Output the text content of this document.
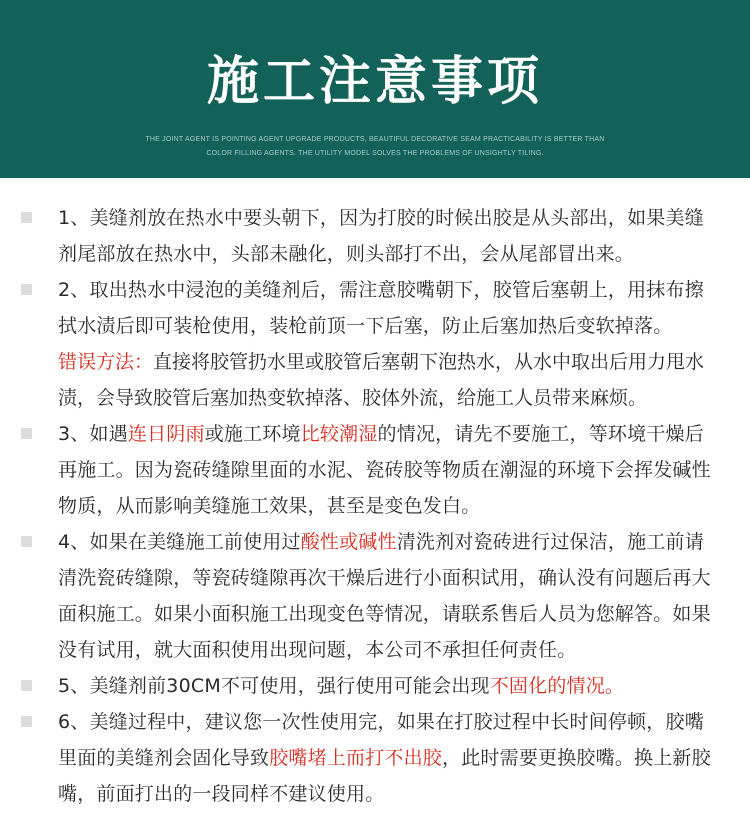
施工注意事项
THE JOINT AGENT IS POINTING AGENT UPGRADE PRODUCTS, BEAUTIFUL DECORATIVE SEAM PRACTICABILITY IS BETTER THAN COLOR FILLING AGENTS. THE UTILITY MODEL SOLVES THE PROBLEMS OF UNSIGHTLY TILING.
1、美缝剂放在热水中要头朝下，因为打胶的时候出胶是从头部出，如果美缝剂尾部放在热水中，头部未融化，则头部打不出，会从尾部冒出来。
2、取出热水中浸泡的美缝剂后，需注意胶嘴朝下，胶管后塞朝上，用抹布擦拭水渍后即可装枪使用，装枪前顶一下后塞，防止后塞加热后变软掉落。
错误方法：直接将胶管扔水里或胶管后塞朝下泡热水，从水中取出后用力甩水渍，会导致胶管后塞加热变软掉落、胶体外流，给施工人员带来麻烦。
3、如遇连日阴雨或施工环境比较潮湿的情况，请先不要施工，等环境干燥后再施工。因为瓷砖缝隙里面的水泥、瓷砖胶等物质在潮湿的环境下会挥发碱性物质，从而影响美缝施工效果，甚至是变色发白。
4、如果在美缝施工前使用过酸性或碱性清洗剂对瓷砖进行过保洁，施工前请清洗瓷砖缝隙，等瓷砖缝隙再次干燥后进行小面积试用，确认没有问题后再大面积施工。如果小面积施工出现变色等情况，请联系售后人员为您解答。如果没有试用，就大面积使用出现问题，本公司不承担任何责任。
5、美缝剂前30CM不可使用，强行使用可能会出现不固化的情况。
6、美缝过程中，建议您一次性使用完，如果在打胶过程中长时间停顿，胶嘴里面的美缝剂会固化导致胶嘴堵上而打不出胶，此时需要更换胶嘴。换上新胶嘴，前面打出的一段同样不建议使用。
